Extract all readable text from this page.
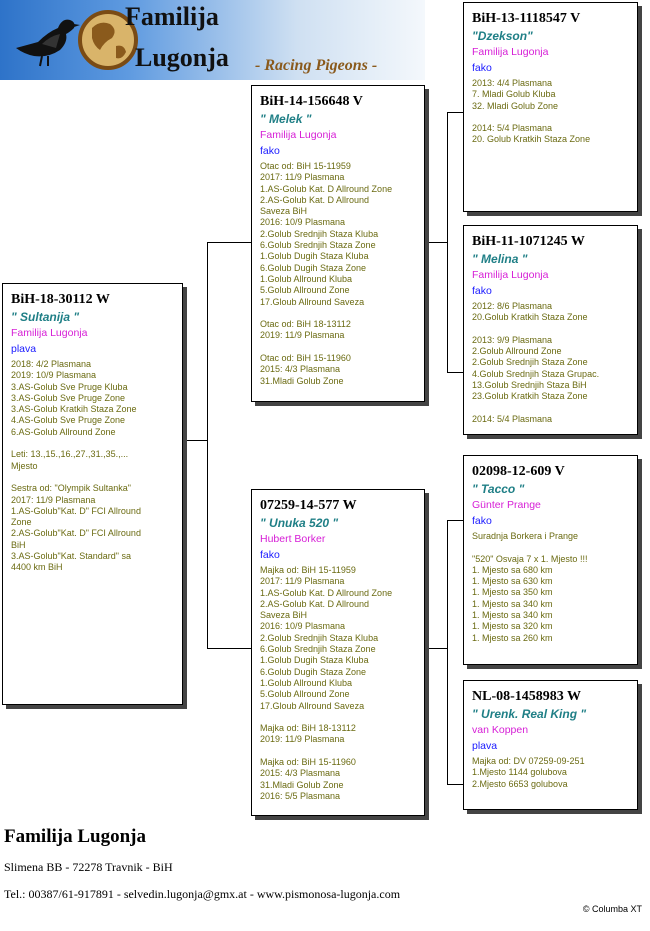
Familija
Lugonja - Racing Pigeons -
BiH-18-30112 W
" Sultanija "
Familija Lugonja
plava
2018: 4/2 Plasmana
2019: 10/9 Plasmana
3.AS-Golub Sve Pruge Kluba
3.AS-Golub Sve Pruge Zone
3.AS-Golub Kratkih Staza Zone
4.AS-Golub Sve Pruge Zone
6.AS-Golub Allround Zone

Leti: 13.,15.,16.,27.,31.,35.,...
Mjesto

Sestra od: "Olympik Sultanka"
2017: 11/9 Plasmana
1.AS-Golub"Kat. D" FCI Allround
Zone
2.AS-Golub"Kat. D" FCI Allround
BiH
3.AS-Golub"Kat. Standard" sa
4400 km BiH
BiH-14-156648 V
" Melek "
Familija Lugonja
fako
Otac od: BiH 15-11959
2017: 11/9 Plasmana
1.AS-Golub Kat. D Allround Zone
2.AS-Golub Kat. D Allround
Saveza BiH
2016: 10/9 Plasmana
2.Golub Srednjih Staza Kluba
6.Golub Srednjih Staza Zone
1.Golub Dugih Staza Kluba
6.Golub Dugih Staza Zone
1.Golub Allround Kluba
5.Golub Allround Zone
17.Gloub Allround Saveza

Otac od: BiH 18-13112
2019: 11/9 Plasmana

Otac od: BiH 15-11960
2015: 4/3 Plasmana
31.Mladi Golub Zone
07259-14-577 W
" Unuka 520 "
Hubert Borker
fako
Majka od: BiH 15-11959
2017: 11/9 Plasmana
1.AS-Golub Kat. D Allround Zone
2.AS-Golub Kat. D Allround
Saveza BiH
2016: 10/9 Plasmana
2.Golub Srednjih Staza Kluba
6.Golub Srednjih Staza Zone
1.Golub Dugih Staza Kluba
6.Golub Dugih Staza Zone
1.Golub Allround Kluba
5.Golub Allround Zone
17.Gloub Allround Saveza

Majka od: BiH 18-13112
2019: 11/9 Plasmana

Majka od: BiH 15-11960
2015: 4/3 Plasmana
31.Mladi Golub Zone
2016: 5/5 Plasmana
BiH-13-1118547 V
"Dzekson"
Familija Lugonja
fako
2013: 4/4 Plasmana
7. Mladi Golub Kluba
32. Mladi Golub Zone

2014: 5/4 Plasmana
20. Golub Kratkih Staza Zone
BiH-11-1071245 W
" Melina "
Familija Lugonja
fako
2012: 8/6 Plasmana
20.Golub Kratkih Staza Zone

2013: 9/9 Plasmana
2.Golub Allround Zone
2.Golub Srednjih Staza Zone
4.Golub Srednjih Staza Grupac.
13.Golub Srednjih Staza BiH
23.Golub Kratkih Staza Zone

2014: 5/4 Plasmana
02098-12-609 V
" Tacco "
Günter Prange
fako
Suradnja Borkera i Prange

"520" Osvaja 7 x 1. Mjesto !!!
1. Mjesto sa 680 km
1. Mjesto sa 630 km
1. Mjesto sa 350 km
1. Mjesto sa 340 km
1. Mjesto sa 340 km
1. Mjesto sa 320 km
1. Mjesto sa 260 km
NL-08-1458983 W
" Urenk. Real King "
van Koppen
plava
Majka od: DV 07259-09-251
1.Mjesto 1144 golubova
2.Mjesto 6653 golubova
Familija Lugonja
Slimena BB - 72278 Travnik - BiH
Tel.: 00387/61-917891 - selvedin.lugonja@gmx.at - www.pismonosa-lugonja.com
© Columba XT
